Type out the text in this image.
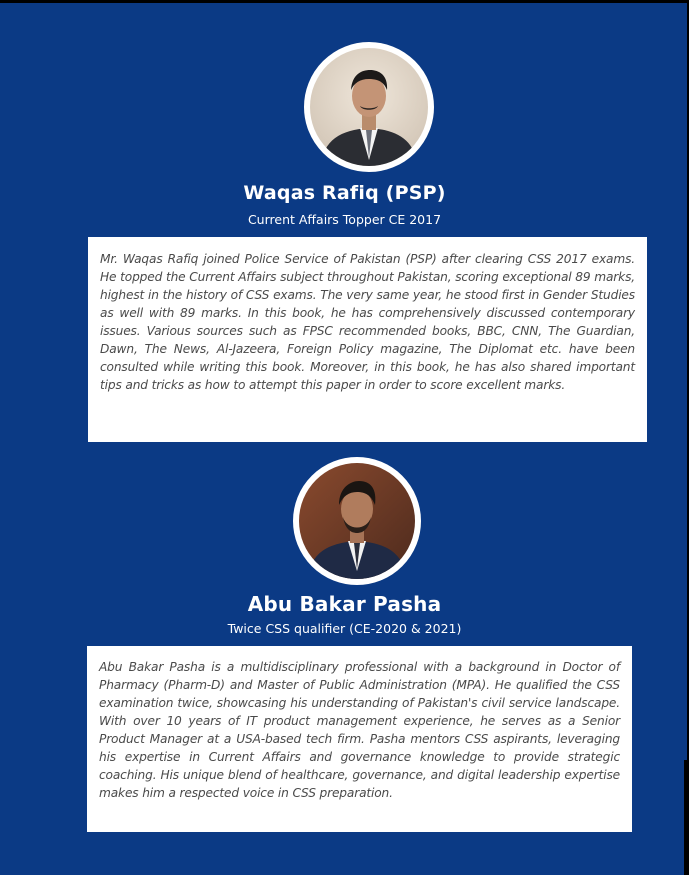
Waqas Rafiq (PSP)

Current Affairs Topper CE 2017

Mr. Waqas Rafiq joined Police Service of Pakistan (PSP) after clearing CSS 2017 exams. He topped the Current Affairs subject throughout Pakistan, scoring exceptional 89 marks, highest in the history of CSS exams. The very same year, he stood first in Gender Studies as well with 89 marks. In this book, he has comprehensively discussed contemporary issues. Various sources such as FPSC recommended books, BBC, CNN, The Guardian, Dawn, The News, Al-Jazeera, Foreign Policy magazine, The Diplomat etc. have been consulted while writing this book. Moreover, in this book, he has also shared important tips and tricks as how to attempt this paper in order to score excellent marks.

Abu Bakar Pasha

Twice CSS qualifier (CE-2020 & 2021)

Abu Bakar Pasha is a multidisciplinary professional with a background in Doctor of Pharmacy (Pharm-D) and Master of Public Administration (MPA). He qualified the CSS examination twice, showcasing his understanding of Pakistan's civil service landscape. With over 10 years of IT product management experience, he serves as a Senior Product Manager at a USA-based tech firm. Pasha mentors CSS aspirants, leveraging his expertise in Current Affairs and governance knowledge to provide strategic coaching. His unique blend of healthcare, governance, and digital leadership expertise makes him a respected voice in CSS preparation.
